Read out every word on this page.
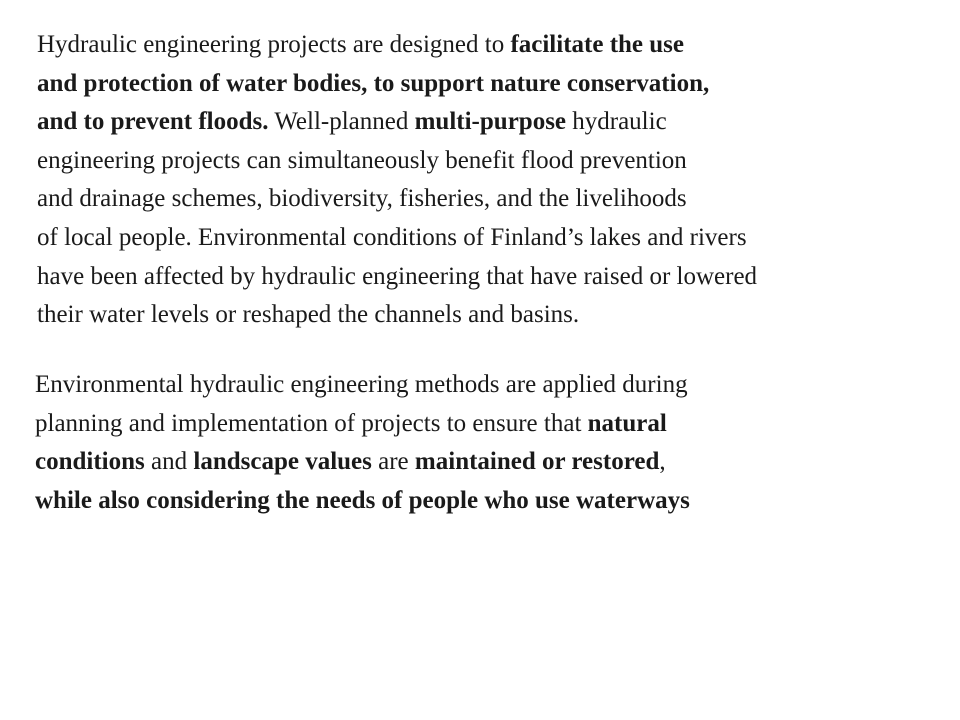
Hydraulic engineering projects are designed to facilitate the use
and protection of water bodies, to support nature conservation,
and to prevent floods. Well-planned multi-purpose hydraulic
engineering projects can simultaneously benefit flood prevention
and drainage schemes, biodiversity, fisheries, and the livelihoods
of local people. Environmental conditions of Finland’s lakes and rivers
have been affected by hydraulic engineering that have raised or lowered
their water levels or reshaped the channels and basins.

Environmental hydraulic engineering methods are applied during
planning and implementation of projects to ensure that natural
conditions and landscape values are maintained or restored,
while also considering the needs of people who use waterways
